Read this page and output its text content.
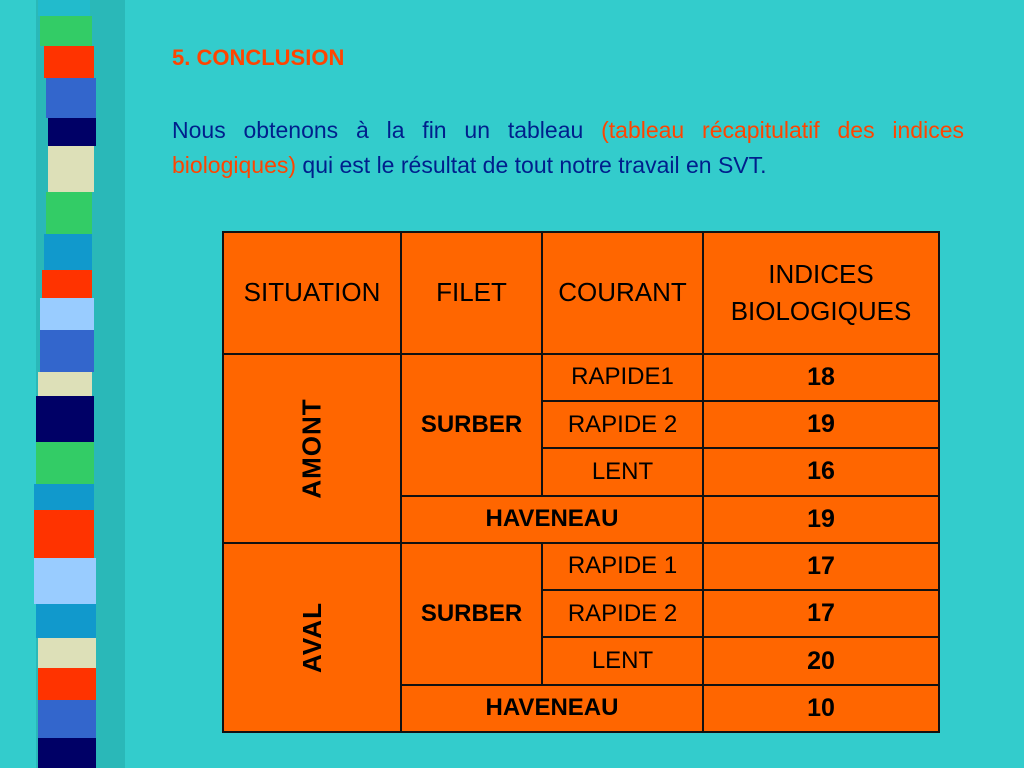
5. CONCLUSION

Nous obtenons à la fin un tableau (tableau récapitulatif des indices biologiques) qui est le résultat de tout notre travail en SVT.

SITUATION	FILET	COURANT	INDICES BIOLOGIQUES
AMONT	SURBER	RAPIDE1	18
		RAPIDE 2	19
		LENT	16
	HAVENEAU		19
AVAL	SURBER	RAPIDE 1	17
		RAPIDE 2	17
		LENT	20
	HAVENEAU		10
